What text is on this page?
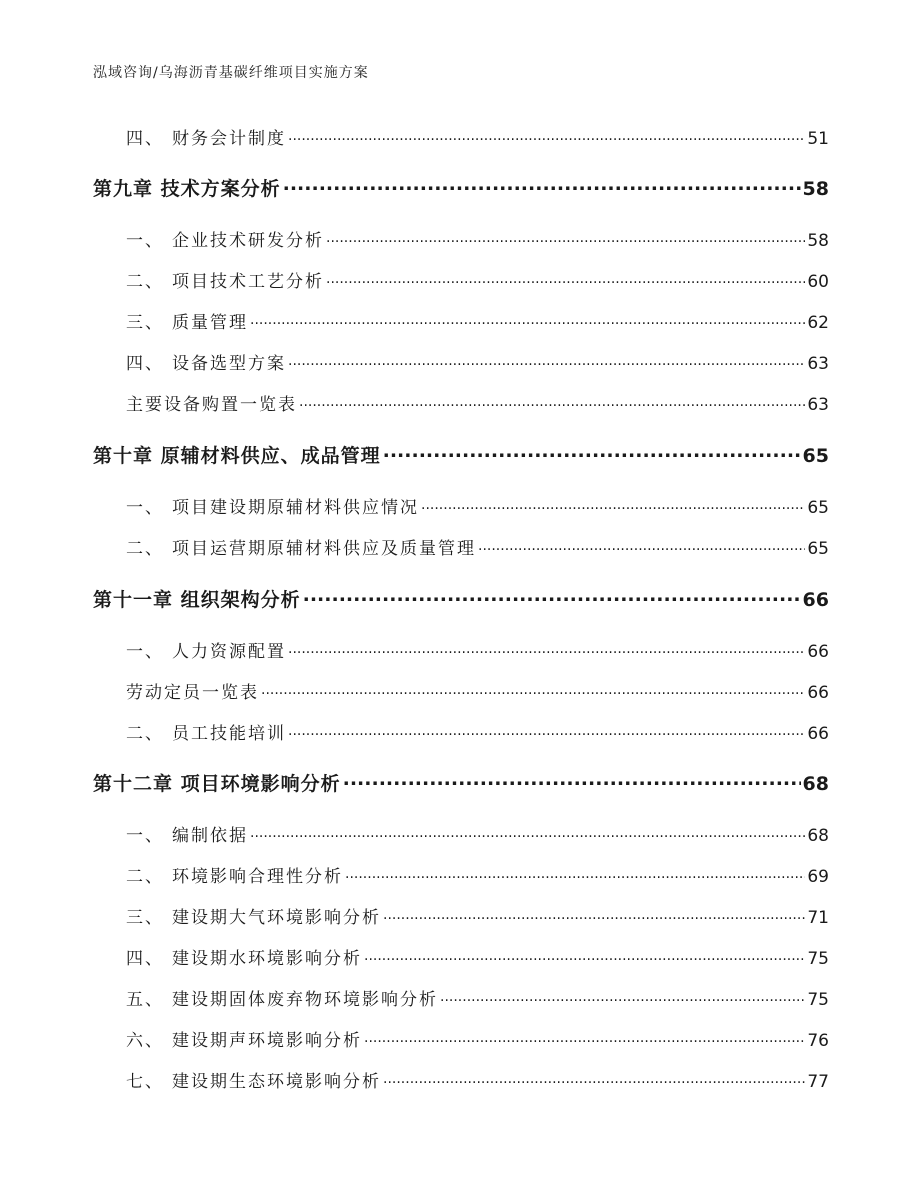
泓域咨询/乌海沥青基碳纤维项目实施方案
四、 财务会计制度 .....	51
第九章 技术方案分析 .....	58
一、 企业技术研发分析 .....	58
二、 项目技术工艺分析 .....	60
三、 质量管理 .....	62
四、 设备选型方案 .....	63
主要设备购置一览表 .....	63
第十章 原辅材料供应、成品管理 .....	65
一、 项目建设期原辅材料供应情况 .....	65
二、 项目运营期原辅材料供应及质量管理 .....	65
第十一章 组织架构分析 .....	66
一、 人力资源配置 .....	66
劳动定员一览表 .....	66
二、 员工技能培训 .....	66
第十二章 项目环境影响分析 .....	68
一、 编制依据 .....	68
二、 环境影响合理性分析 .....	69
三、 建设期大气环境影响分析 .....	71
四、 建设期水环境影响分析 .....	75
五、 建设期固体废弃物环境影响分析 .....	75
六、 建设期声环境影响分析 .....	76
七、 建设期生态环境影响分析 .....	77
